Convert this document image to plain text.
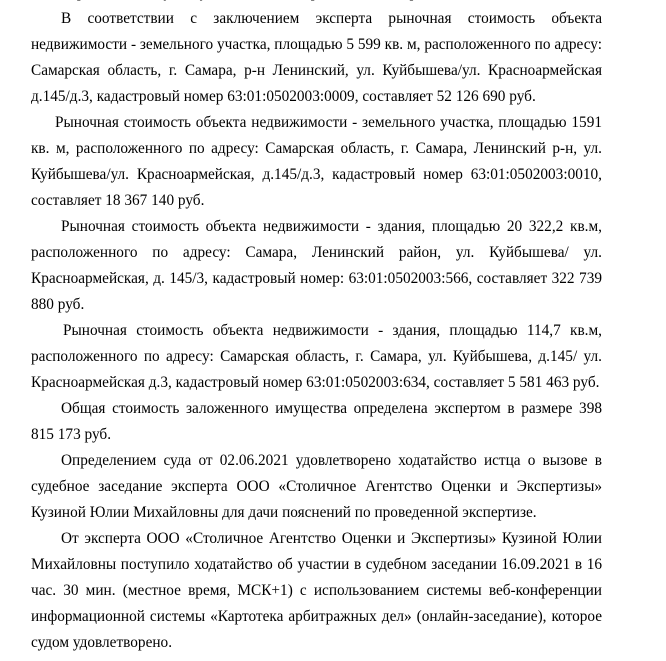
В соответствии с заключением эксперта рыночная стоимость объекта недвижимости - земельного участка, площадью 5 599 кв. м, расположенного по адресу: Самарская область, г. Самара, р-н Ленинский, ул. Куйбышева/ул. Красноармейская д.145/д.3, кадастровый номер 63:01:0502003:0009, составляет 52 126 690 руб.

Рыночная стоимость объекта недвижимости - земельного участка, площадью 1591 кв. м, расположенного по адресу: Самарская область, г. Самара, Ленинский р-н, ул. Куйбышева/ул. Красноармейская, д.145/д.3, кадастровый номер 63:01:0502003:0010, составляет 18 367 140 руб.

Рыночная стоимость объекта недвижимости - здания, площадью 20 322,2 кв.м, расположенного по адресу: Самара, Ленинский район, ул. Куйбышева/ ул. Красноармейская, д. 145/3, кадастровый номер: 63:01:0502003:566, составляет 322 739 880 руб.

Рыночная стоимость объекта недвижимости - здания, площадью 114,7 кв.м, расположенного по адресу: Самарская область, г. Самара, ул. Куйбышева, д.145/ ул. Красноармейская д.3, кадастровый номер 63:01:0502003:634, составляет 5 581 463 руб.

Общая стоимость заложенного имущества определена экспертом в размере 398 815 173 руб.

Определением суда от 02.06.2021 удовлетворено ходатайство истца о вызове в судебное заседание эксперта ООО «Столичное Агентство Оценки и Экспертизы» Кузиной Юлии Михайловны для дачи пояснений по проведенной экспертизе.

От эксперта ООО «Столичное Агентство Оценки и Экспертизы» Кузиной Юлии Михайловны поступило ходатайство об участии в судебном заседании 16.09.2021 в 16 час. 30 мин. (местное время, МСК+1) с использованием системы веб-конференции информационной системы «Картотека арбитражных дел» (онлайн-заседание), которое судом удовлетворено.
